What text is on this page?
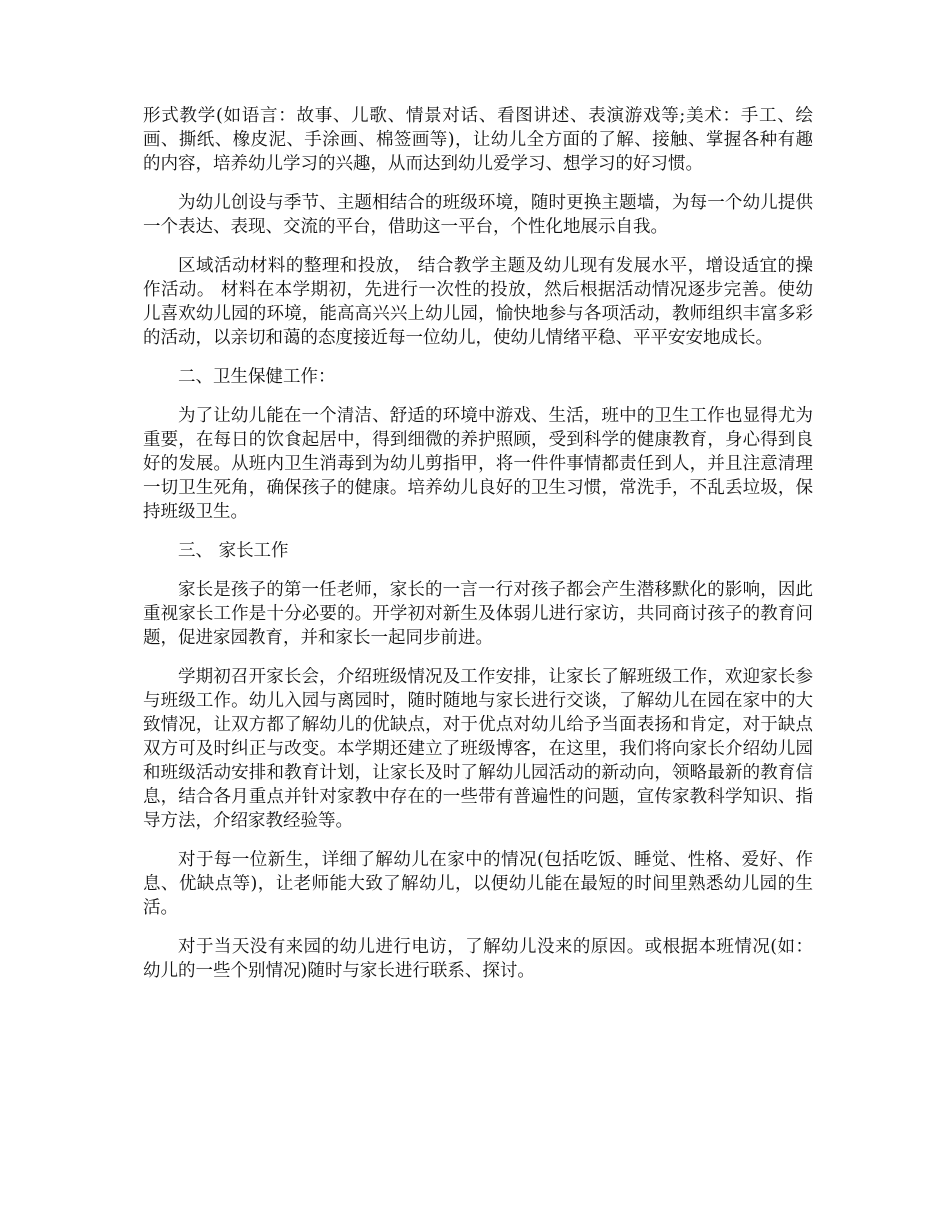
形式教学(如语言：故事、儿歌、情景对话、看图讲述、表演游戏等;美术：手工、绘画、撕纸、橡皮泥、手涂画、棉签画等)，让幼儿全方面的了解、接触、掌握各种有趣的内容，培养幼儿学习的兴趣，从而达到幼儿爱学习、想学习的好习惯。

为幼儿创设与季节、主题相结合的班级环境，随时更换主题墙，为每一个幼儿提供一个表达、表现、交流的平台，借助这一平台，个性化地展示自我。

区域活动材料的整理和投放， 结合教学主题及幼儿现有发展水平，增设适宜的操作活动。 材料在本学期初，先进行一次性的投放，然后根据活动情况逐步完善。使幼儿喜欢幼儿园的环境，能高高兴兴上幼儿园，愉快地参与各项活动，教师组织丰富多彩的活动，以亲切和蔼的态度接近每一位幼儿，使幼儿情绪平稳、平平安安地成长。

二、卫生保健工作：

为了让幼儿能在一个清洁、舒适的环境中游戏、生活，班中的卫生工作也显得尤为重要，在每日的饮食起居中，得到细微的养护照顾，受到科学的健康教育，身心得到良好的发展。从班内卫生消毒到为幼儿剪指甲，将一件件事情都责任到人，并且注意清理一切卫生死角，确保孩子的健康。培养幼儿良好的卫生习惯，常洗手，不乱丢垃圾，保持班级卫生。

三、 家长工作

家长是孩子的第一任老师，家长的一言一行对孩子都会产生潜移默化的影响，因此重视家长工作是十分必要的。开学初对新生及体弱儿进行家访，共同商讨孩子的教育问题，促进家园教育，并和家长一起同步前进。

学期初召开家长会，介绍班级情况及工作安排，让家长了解班级工作，欢迎家长参与班级工作。幼儿入园与离园时，随时随地与家长进行交谈，了解幼儿在园在家中的大致情况，让双方都了解幼儿的优缺点，对于优点对幼儿给予当面表扬和肯定，对于缺点双方可及时纠正与改变。本学期还建立了班级博客，在这里，我们将向家长介绍幼儿园和班级活动安排和教育计划，让家长及时了解幼儿园活动的新动向，领略最新的教育信息，结合各月重点并针对家教中存在的一些带有普遍性的问题，宣传家教科学知识、指导方法，介绍家教经验等。

对于每一位新生，详细了解幼儿在家中的情况(包括吃饭、睡觉、性格、爱好、作息、优缺点等)，让老师能大致了解幼儿，以便幼儿能在最短的时间里熟悉幼儿园的生活。

对于当天没有来园的幼儿进行电访，了解幼儿没来的原因。或根据本班情况(如：幼儿的一些个别情况)随时与家长进行联系、探讨。
